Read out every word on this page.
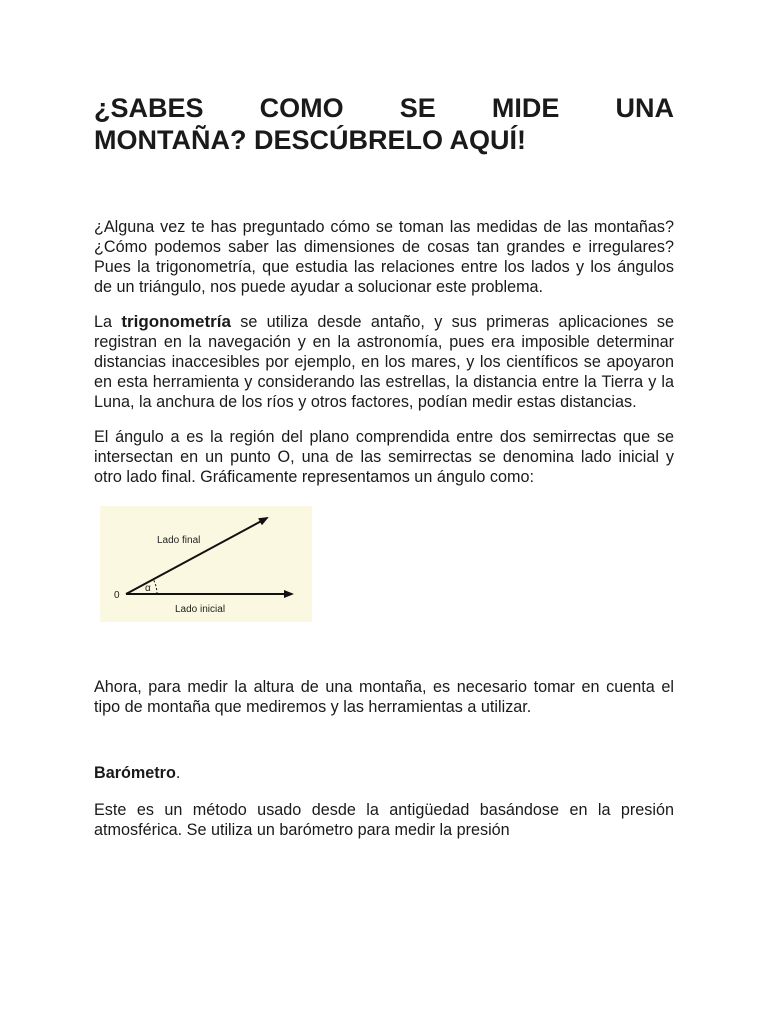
¿SABES COMO SE MIDE UNA
MONTAÑA? DESCÚBRELO AQUÍ!

¿Alguna vez te has preguntado cómo se toman las medidas de las montañas? ¿Cómo podemos saber las dimensiones de cosas tan grandes e irregulares? Pues la trigonometría, que estudia las relaciones entre los lados y los ángulos de un triángulo, nos puede ayudar a solucionar este problema.

La trigonometría se utiliza desde antaño, y sus primeras aplicaciones se registran en la navegación y en la astronomía, pues era imposible determinar distancias inaccesibles por ejemplo, en los mares, y los científicos se apoyaron en esta herramienta y considerando las estrellas, la distancia entre la Tierra y la Luna, la anchura de los ríos y otros factores, podían medir estas distancias.

El ángulo a es la región del plano comprendida entre dos semirrectas que se intersectan en un punto O, una de las semirrectas se denomina lado inicial y otro lado final. Gráficamente representamos un ángulo como:

Lado final
Lado inicial
0
α

Ahora, para medir la altura de una montaña, es necesario tomar en cuenta el tipo de montaña que mediremos y las herramientas a utilizar.

Barómetro.

Este es un método usado desde la antigüedad basándose en la presión atmosférica. Se utiliza un barómetro para medir la presión
